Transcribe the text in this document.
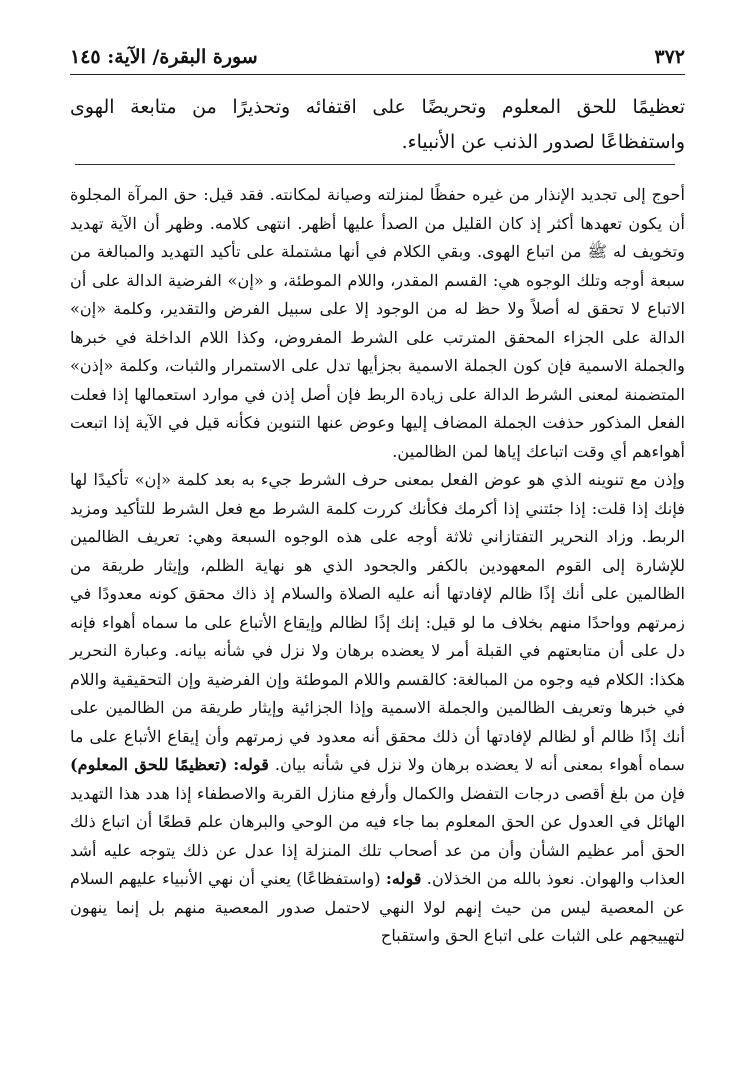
سورة البقرة/ الآية: ١٤٥	٣٧٢
تعظيمًا للحق المعلوم وتحريضًا على اقتفائه وتحذيرًا من متابعة الهوى واستفظاعًا لصدور الذنب عن الأنبياء.
أحوج إلى تجديد الإنذار من غيره حفظًا لمنزلته وصيانة لمكانته. فقد قيل: حق المرآة المجلوة أن يكون تعهدها أكثر إذ كان القليل من الصدأ عليها أظهر. انتهى كلامه. وظهر أن الآية تهديد وتخويف له ﷺ من اتباع الهوى. وبقي الكلام في أنها مشتملة على تأكيد التهديد والمبالغة من سبعة أوجه وتلك الوجوه هي: القسم المقدر، واللام الموطئة، و «إن» الفرضية الدالة على أن الاتباع لا تحقق له أصلاً ولا حظ له من الوجود إلا على سبيل الفرض والتقدير، وكلمة «إن» الدالة على الجزاء المحقق المترتب على الشرط المفروض، وكذا اللام الداخلة في خبرها والجملة الاسمية فإن كون الجملة الاسمية بجزأيها تدل على الاستمرار والثبات، وكلمة «إذن» المتضمنة لمعنى الشرط الدالة على زيادة الربط فإن أصل إذن في موارد استعمالها إذا فعلت الفعل المذكور حذفت الجملة المضاف إليها وعوض عنها التنوين فكأنه قيل في الآية إذا اتبعت أهواءهم أي وقت اتباعك إياها لمن الظالمين.
وإذن مع تنوينه الذي هو عوض الفعل بمعنى حرف الشرط جيء به بعد كلمة «إن» تأكيدًا لها فإنك إذا قلت: إذا جئتني إذا أكرمك فكأنك كررت كلمة الشرط مع فعل الشرط للتأكيد ومزيد الربط. وزاد النحرير التفتازاني ثلاثة أوجه على هذه الوجوه السبعة وهي: تعريف الظالمين للإشارة إلى القوم المعهودين بالكفر والجحود الذي هو نهاية الظلم، وإيثار طريقة من الظالمين على أنك إذًا ظالم لإفادتها أنه عليه الصلاة والسلام إذ ذاك محقق كونه معدودًا في زمرتهم وواحدًا منهم بخلاف ما لو قيل: إنك إذًا لظالم وإيقاع الأتباع على ما سماه أهواء فإنه دل على أن متابعتهم في القبلة أمر لا يعضده برهان ولا نزل في شأنه بيانه. وعبارة النحرير هكذا: الكلام فيه وجوه من المبالغة: كالقسم واللام الموطئة وإن الفرضية وإن التحقيقية واللام في خبرها وتعريف الظالمين والجملة الاسمية وإذا الجزائية وإيثار طريقة من الظالمين على أنك إذًا ظالم أو لظالم لإفادتها أن ذلك محقق أنه معدود في زمرتهم وأن إيقاع الأتباع على ما سماه أهواء بمعنى أنه لا يعضده برهان ولا نزل في شأنه بيان. قوله: (تعظيمًا للحق المعلوم) فإن من بلغ أقصى درجات التفضل والكمال وأرفع منازل القربة والاصطفاء إذا هدد هذا التهديد الهائل في العدول عن الحق المعلوم بما جاء فيه من الوحي والبرهان علم قطعًا أن اتباع ذلك الحق أمر عظيم الشأن وأن من عد أصحاب تلك المنزلة إذا عدل عن ذلك يتوجه عليه أشد العذاب والهوان. نعوذ بالله من الخذلان. قوله: (واستفظاعًا) يعني أن نهي الأنبياء عليهم السلام عن المعصية ليس من حيث إنهم لولا النهي لاحتمل صدور المعصية منهم بل إنما ينهون لتهييجهم على الثبات على اتباع الحق واستقباح
